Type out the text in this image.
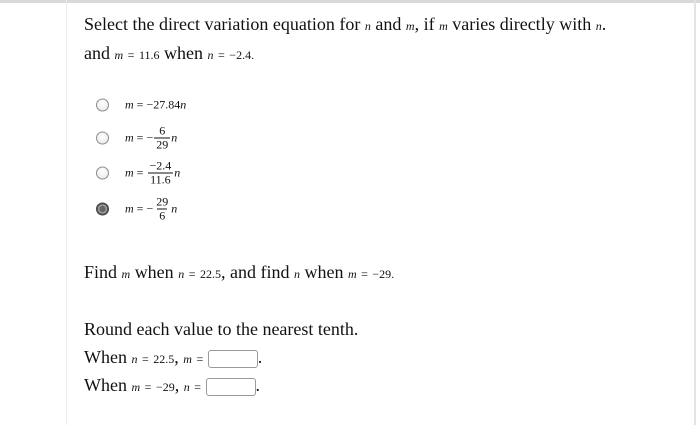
Select the direct variation equation for n and m, if m varies directly with n.
and m = 11.6 when n = −2.4.
m
=
−27.84 n
m
=
− $\frac{6}{29}$ n
m
=
$\frac{-2.4}{11.6}$ n
m
=
− $\frac{29}{6}$ n
Find m when n = 22.5, and find n when m = −29.
Round each value to the nearest tenth.
When n = 22.5, m =	.
When m = −29, n =	.
